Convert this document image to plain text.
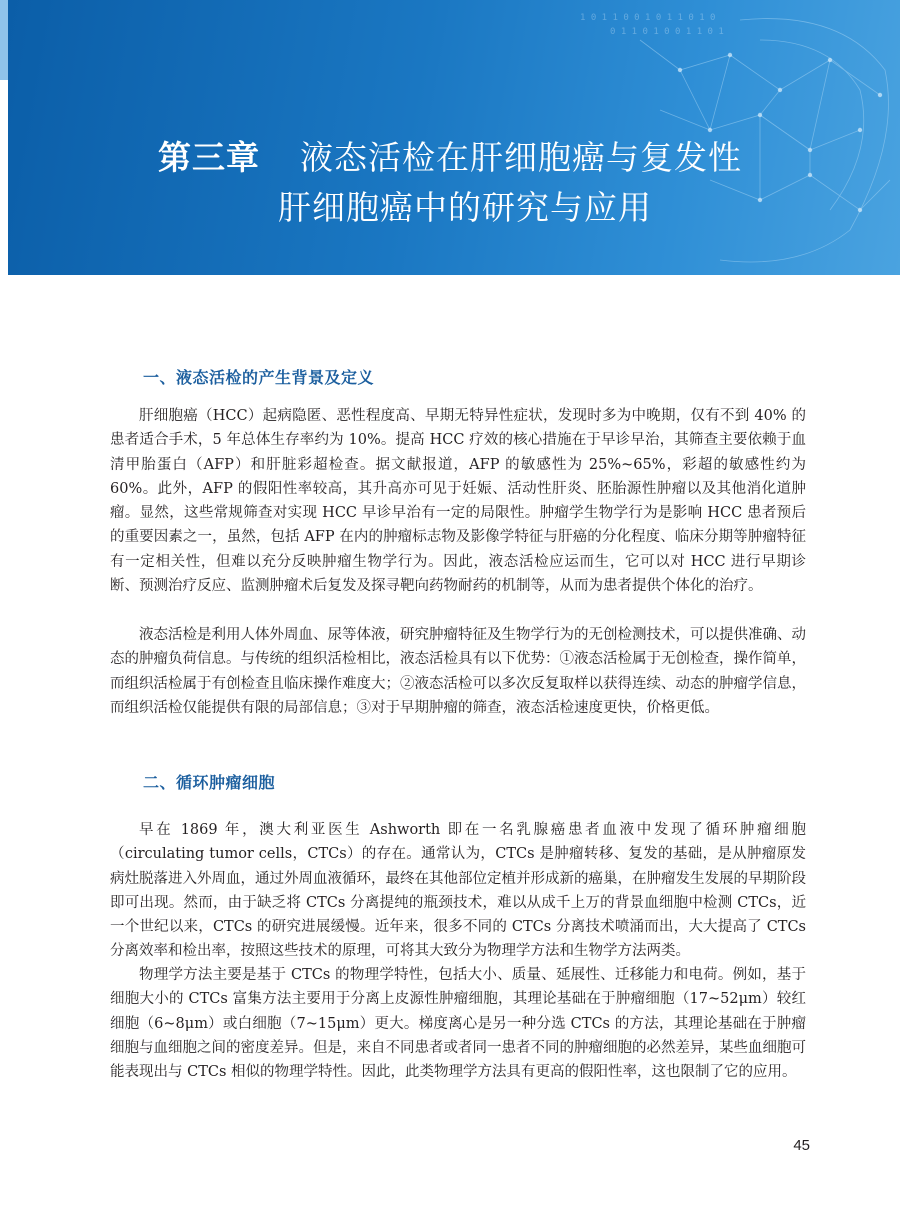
1 0 1 1 0 0 1 0 1 1 0 1 0
0 1 1 0 1 0 0 1 1 0 1
第三章 液态活检在肝细胞癌与复发性
肝细胞癌中的研究与应用
一、液态活检的产生背景及定义

肝细胞癌（HCC）起病隐匿、恶性程度高、早期无特异性症状，发现时多为中晚期，仅有不到 40% 的患者适合手术，5 年总体生存率约为 10%。提高 HCC 疗效的核心措施在于早诊早治，其筛查主要依赖于血清甲胎蛋白（AFP）和肝脏彩超检查。据文献报道，AFP 的敏感性为 25%~65%，彩超的敏感性约为 60%。此外，AFP 的假阳性率较高，其升高亦可见于妊娠、活动性肝炎、胚胎源性肿瘤以及其他消化道肿瘤。显然，这些常规筛查对实现 HCC 早诊早治有一定的局限性。肿瘤学生物学行为是影响 HCC 患者预后的重要因素之一，虽然，包括 AFP 在内的肿瘤标志物及影像学特征与肝癌的分化程度、临床分期等肿瘤特征有一定相关性，但难以充分反映肿瘤生物学行为。因此，液态活检应运而生，它可以对 HCC 进行早期诊断、预测治疗反应、监测肿瘤术后复发及探寻靶向药物耐药的机制等，从而为患者提供个体化的治疗。

液态活检是利用人体外周血、尿等体液，研究肿瘤特征及生物学行为的无创检测技术，可以提供准确、动态的肿瘤负荷信息。与传统的组织活检相比，液态活检具有以下优势：①液态活检属于无创检查，操作简单，而组织活检属于有创检查且临床操作难度大；②液态活检可以多次反复取样以获得连续、动态的肿瘤学信息，而组织活检仅能提供有限的局部信息；③对于早期肿瘤的筛查，液态活检速度更快，价格更低。

二、循环肿瘤细胞

早在 1869 年，澳大利亚医生 Ashworth 即在一名乳腺癌患者血液中发现了循环肿瘤细胞（circulating tumor cells，CTCs）的存在。通常认为，CTCs 是肿瘤转移、复发的基础，是从肿瘤原发病灶脱落进入外周血，通过外周血液循环，最终在其他部位定植并形成新的癌巢，在肿瘤发生发展的早期阶段即可出现。然而，由于缺乏将 CTCs 分离提纯的瓶颈技术，难以从成千上万的背景血细胞中检测 CTCs，近一个世纪以来，CTCs 的研究进展缓慢。近年来，很多不同的 CTCs 分离技术喷涌而出，大大提高了 CTCs 分离效率和检出率，按照这些技术的原理，可将其大致分为物理学方法和生物学方法两类。

物理学方法主要是基于 CTCs 的物理学特性，包括大小、质量、延展性、迁移能力和电荷。例如，基于细胞大小的 CTCs 富集方法主要用于分离上皮源性肿瘤细胞，其理论基础在于肿瘤细胞（17~52μm）较红细胞（6~8μm）或白细胞（7~15μm）更大。梯度离心是另一种分选 CTCs 的方法，其理论基础在于肿瘤细胞与血细胞之间的密度差异。但是，来自不同患者或者同一患者不同的肿瘤细胞的必然差异，某些血细胞可能表现出与 CTCs 相似的物理学特性。因此，此类物理学方法具有更高的假阳性率，这也限制了它的应用。

45
